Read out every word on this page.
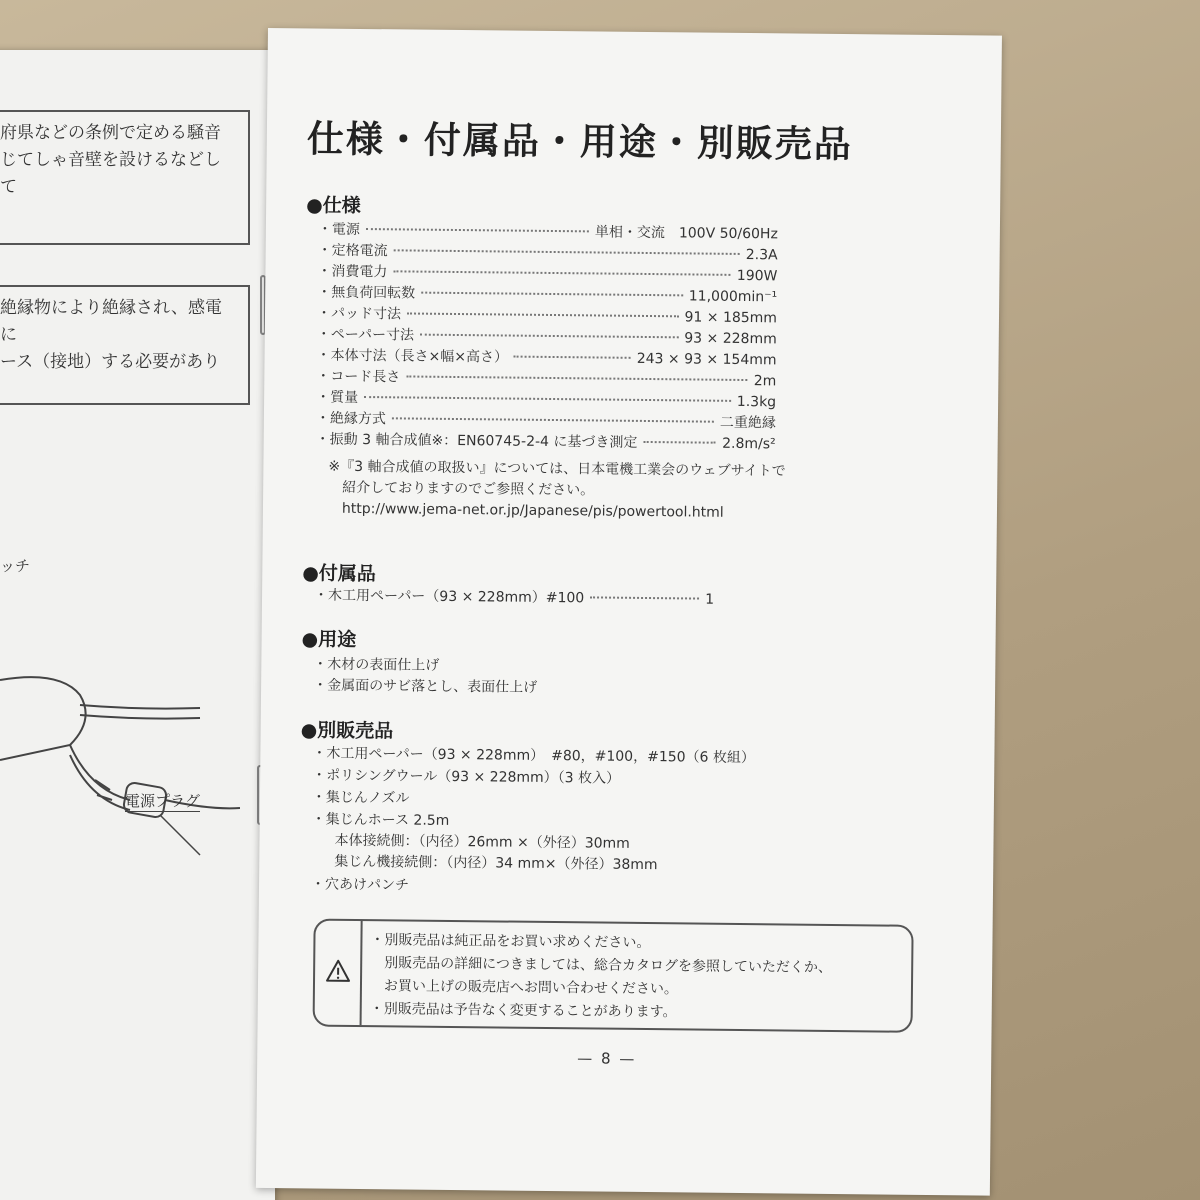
府県などの条例で定める騒音
じてしゃ音壁を設けるなどして
絶縁物により絶縁され、感電に
ース（接地）する必要があり
ッチ
電源プラグ
仕様・付属品・用途・別販売品
●仕様
・電源	単相・交流　100V 50/60Hz
・定格電流	2.3A
・消費電力	190W
・無負荷回転数	11,000min⁻¹
・パッド寸法	91 × 185mm
・ペーパー寸法	93 × 228mm
・本体寸法（長さ×幅×高さ）	243 × 93 × 154mm
・コード長さ	2m
・質量	1.3kg
・絶縁方式	二重絶縁
・振動 3 軸合成値※：EN60745-2-4 に基づき測定	2.8m/s²
※『3 軸合成値の取扱い』については、日本電機工業会のウェブサイトで
　紹介しておりますのでご参照ください。
　http://www.jema-net.or.jp/Japanese/pis/powertool.html
●付属品
・木工用ペーパー（93 × 228mm）#100	1
●用途
・木材の表面仕上げ
・金属面のサビ落とし、表面仕上げ
●別販売品
・木工用ペーパー（93 × 228mm）　#80，#100，#150（6 枚組）
・ポリシングウール（93 × 228mm）（3 枚入）
・集じんノズル
・集じんホース 2.5m
本体接続側：（内径）26mm ×（外径）30mm
集じん機接続側：（内径）34 mm×（外径）38mm
・穴あけパンチ
・別販売品は純正品をお買い求めください。
　別販売品の詳細につきましては、総合カタログを参照していただくか、
　お買い上げの販売店へお問い合わせください。
・別販売品は予告なく変更することがあります。
— 8 —
